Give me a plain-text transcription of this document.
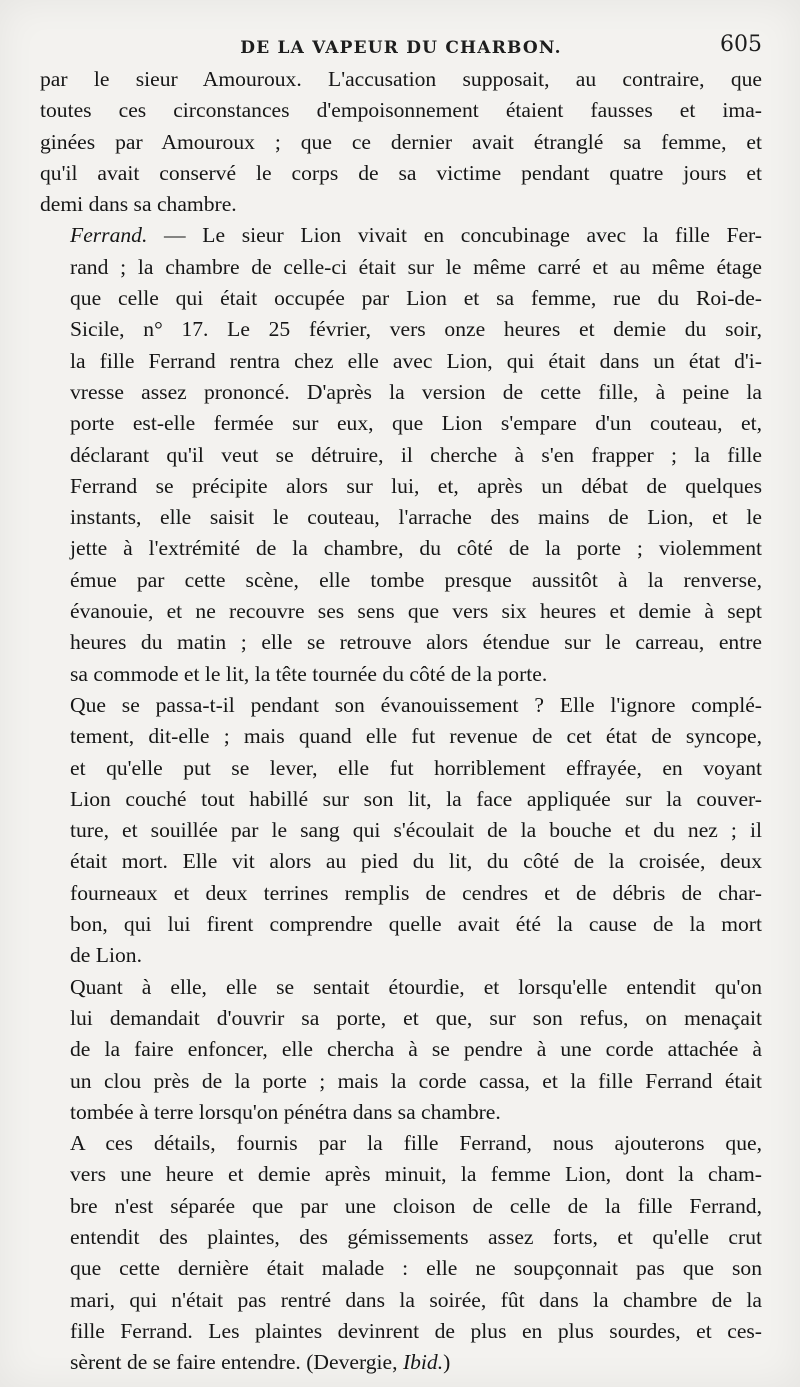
DE LA VAPEUR DU CHARBON.	605
par le sieur Amouroux. L'accusation supposait, au contraire, que
toutes ces circonstances d'empoisonnement étaient fausses et ima-
ginées par Amouroux ; que ce dernier avait étranglé sa femme, et
qu'il avait conservé le corps de sa victime pendant quatre jours et
demi dans sa chambre.
Ferrand. — Le sieur Lion vivait en concubinage avec la fille Fer-
rand ; la chambre de celle-ci était sur le même carré et au même étage
que celle qui était occupée par Lion et sa femme, rue du Roi-de-
Sicile, n° 17. Le 25 février, vers onze heures et demie du soir,
la fille Ferrand rentra chez elle avec Lion, qui était dans un état d'i-
vresse assez prononcé. D'après la version de cette fille, à peine la
porte est-elle fermée sur eux, que Lion s'empare d'un couteau, et,
déclarant qu'il veut se détruire, il cherche à s'en frapper ; la fille
Ferrand se précipite alors sur lui, et, après un débat de quelques
instants, elle saisit le couteau, l'arrache des mains de Lion, et le
jette à l'extrémité de la chambre, du côté de la porte ; violemment
émue par cette scène, elle tombe presque aussitôt à la renverse,
évanouie, et ne recouvre ses sens que vers six heures et demie à sept
heures du matin ; elle se retrouve alors étendue sur le carreau, entre
sa commode et le lit, la tête tournée du côté de la porte.
Que se passa-t-il pendant son évanouissement ? Elle l'ignore complé-
tement, dit-elle ; mais quand elle fut revenue de cet état de syncope,
et qu'elle put se lever, elle fut horriblement effrayée, en voyant
Lion couché tout habillé sur son lit, la face appliquée sur la couver-
ture, et souillée par le sang qui s'écoulait de la bouche et du nez ; il
était mort. Elle vit alors au pied du lit, du côté de la croisée, deux
fourneaux et deux terrines remplis de cendres et de débris de char-
bon, qui lui firent comprendre quelle avait été la cause de la mort
de Lion.
Quant à elle, elle se sentait étourdie, et lorsqu'elle entendit qu'on
lui demandait d'ouvrir sa porte, et que, sur son refus, on menaçait
de la faire enfoncer, elle chercha à se pendre à une corde attachée à
un clou près de la porte ; mais la corde cassa, et la fille Ferrand était
tombée à terre lorsqu'on pénétra dans sa chambre.
A ces détails, fournis par la fille Ferrand, nous ajouterons que,
vers une heure et demie après minuit, la femme Lion, dont la cham-
bre n'est séparée que par une cloison de celle de la fille Ferrand,
entendit des plaintes, des gémissements assez forts, et qu'elle crut
que cette dernière était malade : elle ne soupçonnait pas que son
mari, qui n'était pas rentré dans la soirée, fût dans la chambre de la
fille Ferrand. Les plaintes devinrent de plus en plus sourdes, et ces-
sèrent de se faire entendre. (Devergie, Ibid.)
